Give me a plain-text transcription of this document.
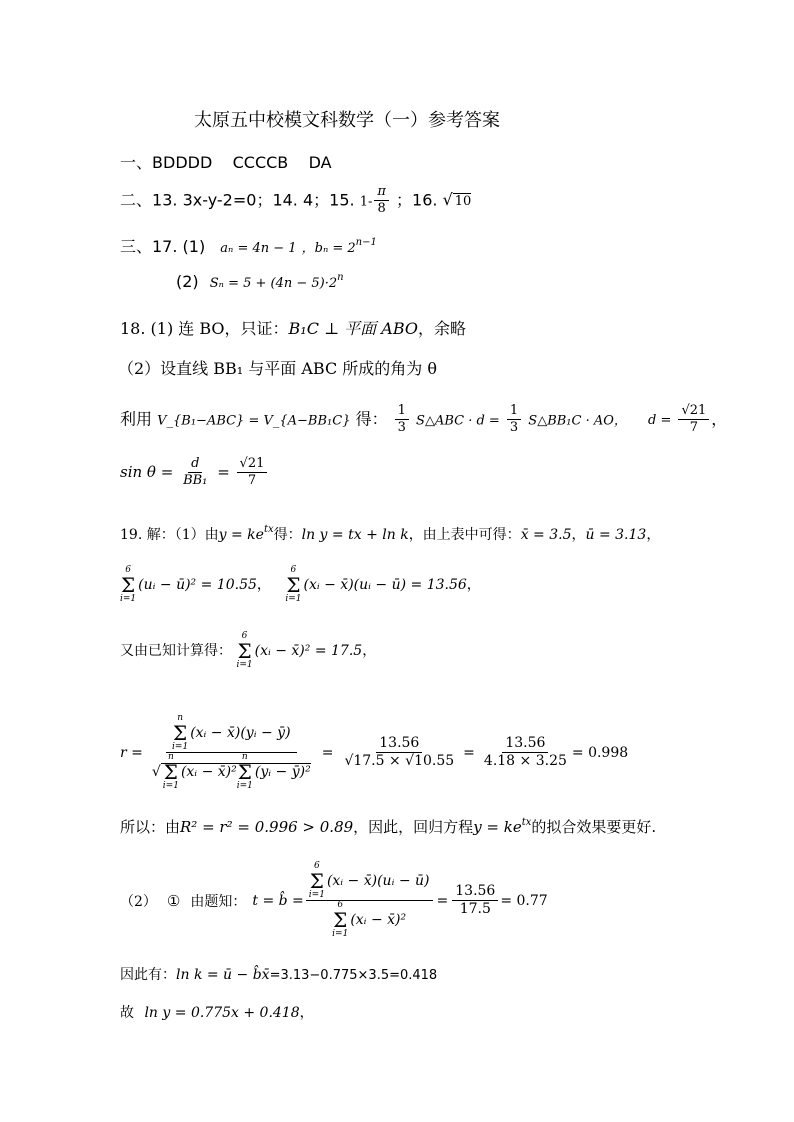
太原五中校模文科数学（一）参考答案
一、BDDDD    CCCCB    DA
二、13. 3x-y-2=0；14. 4；15. $1- \frac{\pi}{8}$ ；16. √ 10
三、17. (1) aₙ = 4n − 1 ，$b_n = 2^{n-1}$
(2) $S_n = 5 + (4n - 5)\cdot 2^n$
18. (1) 连 BO，只证：B₁C ⊥ 平面 ABO，余略
（2）设直线 BB₁ 与平面 ABC 所成的角为 θ
利用 V_{B₁−ABC} = V_{A−BB₁C} 得： $\frac{1}{3}$ S△ABC · $d = \frac{1}{3}$ S△BB₁C · AO， $d = \frac{√21}{7}$ ，
$\sin \theta = \frac{d}{\text{BB₁}} = \frac{√21}{7}$
19. 解：（1）由$y = ke^{tx}$得：ln y = tx + ln k，由上表中可得：x̄ = 3.5，ū = 3.13，
6
Σ
i=1
(uᵢ − ū)² = 10.55，
6
Σ
i=1
(xᵢ − x̄)(uᵢ − ū) = 13.56，
又由已知计算得：
6
Σ
i=1
(xᵢ − x̄)² = 17.5，
r =
n
Σ
i=1
(xᵢ − x̄)(yᵢ − ȳ)
√
n
Σ
i=1
(xᵢ − x̄)²
n
Σ
i=1
(yᵢ − ȳ)²
= $\frac{13.56}{√17.5 \times √10.55} = \frac{13.56}{4.18 \times 3.25} = 0.998$
所以：由R² = r² = 0.996 > 0.89，因此，回归方程$y = ke^{tx}$的拟合效果要更好.
（2） ① 由题知： t = b̂ = 6
Σ
i=1
(xᵢ − x̄)(uᵢ − ū)
6
Σ
i=1
(xᵢ − x̄)² = $\frac{13.56}{17.5} = 0.77$
因此有：ln k = ū − b̂x̄=3.13−0.775×3.5=0.418
故 ln y = 0.775x + 0.418，
